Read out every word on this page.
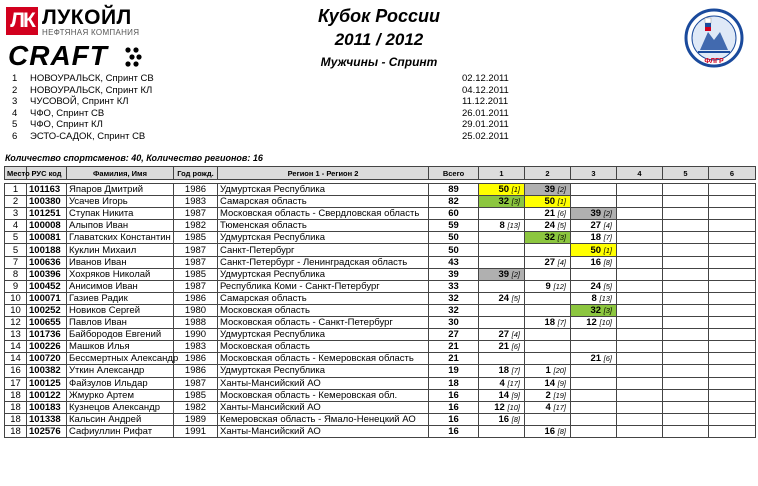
ЛК ЛУКОЙЛ
НЕФТЯНАЯ КОМПАНИЯ
CRAFT
Кубок России
2011 / 2012
Мужчины - Спринт	ФЛГР
1 НОВОУРАЛЬСК, Спринт СВ	02.12.2011
2 НОВОУРАЛЬСК, Спринт КЛ	04.12.2011
3 ЧУСОВОЙ, Спринт КЛ	11.12.2011
4 ЧФО, Спринт СВ	26.01.2011
5 ЧФО, Спринт КЛ	29.01.2011
6 ЭСТО-САДОК, Спринт СВ	25.02.2011
Количество спортсменов: 40, Количество регионов: 16
Место	РУС код	Фамилия, Имя	Год рожд.	Регион 1 - Регион 2	Всего	1	2	3	4	5	6

1	101163	Япаров Дмитрий	1986	Удмуртская Республика	89	50 [1]	39 [2]				
2	100380	Усачев Игорь	1983	Самарская область	82	32 [3]	50 [1]				
3	101251	Ступак Никита	1987	Московская область - Свердловская область	60		21 [6]	39 [2]			
4	100008	Алыпов Иван	1982	Тюменская область	59	8 [13]	24 [5]	27 [4]			
5	100081	Главатских Константин	1985	Удмуртская Республика	50		32 [3]	18 [7]			
5	100188	Куклин Михаил	1987	Санкт-Петербург	50			50 [1]			
7	100636	Иванов Иван	1987	Санкт-Петербург - Ленинградская область	43		27 [4]	16 [8]			
8	100396	Хохряков Николай	1985	Удмуртская Республика	39	39 [2]					
9	100452	Анисимов Иван	1987	Республика Коми - Санкт-Петербург	33		9 [12]	24 [5]			
10	100071	Газиев Радик	1986	Самарская область	32	24 [5]		8 [13]			
10	100252	Новиков Сергей	1980	Московская область	32			32 [3]			
12	100655	Павлов Иван	1988	Московская область - Санкт-Петербург	30		18 [7]	12 [10]			
13	101736	Байбородов Евгений	1990	Удмуртская Республика	27	27 [4]					
14	100226	Машков Илья	1983	Московская область	21	21 [6]					
14	100720	Бессмертных Александр	1986	Московская область - Кемеровская область	21			21 [6]			
16	100382	Уткин Александр	1986	Удмуртская Республика	19	18 [7]	1 [20]				
17	100125	Файзулов Ильдар	1987	Ханты-Мансийский АО	18	4 [17]	14 [9]				
18	100122	Жмурко Артем	1985	Московская область - Кемеровская обл.	16	14 [9]	2 [19]				
18	100183	Кузнецов Александр	1982	Ханты-Мансийский АО	16	12 [10]	4 [17]				
18	101338	Кальсин Андрей	1989	Кемеровская область - Ямало-Ненецкий АО	16	16 [8]					
18	102576	Сафиуллин Рифат	1991	Ханты-Мансийский АО	16		16 [8]				
